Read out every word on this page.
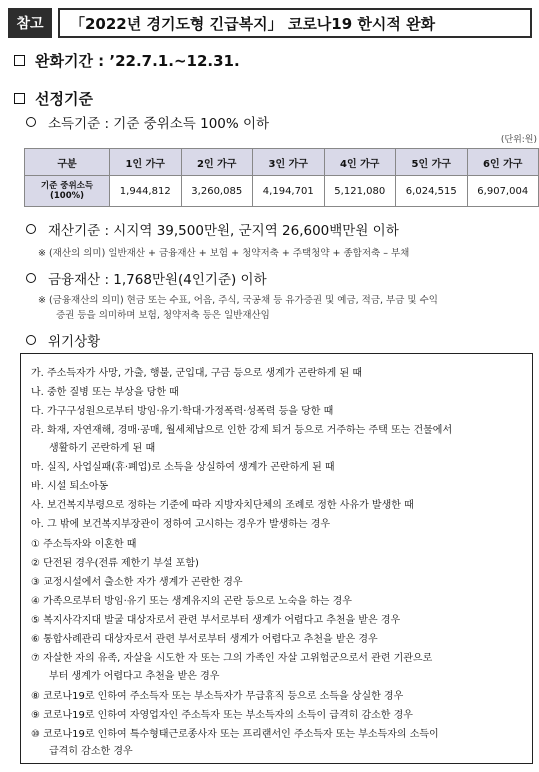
참고	「2022년 경기도형 긴급복지」 코로나19 한시적 완화
완화기간 : ’22.7.1.~12.31.
선정기준
소득기준 : 기준 중위소득 100% 이하
(단위:원)
구분	1인 가구	2인 가구	3인 가구	4인 가구	5인 가구	6인 가구

기준 중위소득
(100%)	1,944,812	3,260,085	4,194,701	5,121,080	6,024,515	6,907,004
재산기준 : 시지역 39,500만원, 군지역 26,600백만원 이하
※ (재산의 의미) 일반재산 + 금융재산 + 보험 + 청약저축 + 주택청약 + 종합저축 – 부채
금융재산 : 1,768만원(4인기준) 이하
※ (금융재산의 의미) 현금 또는 수표, 어음, 주식, 국공채 등 유가증권 및 예금, 적금, 부금 및 수익
증권 등을 의미하며 보험, 청약저축 등은 일반재산임
위기상황
가. 주소득자가 사망, 가출, 행불, 군입대, 구금 등으로 생계가 곤란하게 된 때
나. 중한 질병 또는 부상을 당한 때
다. 가구구성원으로부터 방임·유기·학대·가정폭력·성폭력 등을 당한 때
라. 화재, 자연재해, 경매·공매, 월세체납으로 인한 강제 퇴거 등으로 거주하는 주택 또는 건물에서
생활하기 곤란하게 된 때
마. 실직, 사업실패(휴·폐업)로 소득을 상실하여 생계가 곤란하게 된 때
바. 시설 퇴소아동
사. 보건복지부령으로 정하는 기준에 따라 지방자치단체의 조례로 정한 사유가 발생한 때
아. 그 밖에 보건복지부장관이 정하여 고시하는 경우가 발생하는 경우
① 주소득자와 이혼한 때
② 단전된 경우(전류 제한기 부설 포함)
③ 교정시설에서 출소한 자가 생계가 곤란한 경우
④ 가족으로부터 방임·유기 또는 생계유지의 곤란 등으로 노숙을 하는 경우
⑤ 복지사각지대 발굴 대상자로서 관련 부서로부터 생계가 어렵다고 추천을 받은 경우
⑥ 통합사례관리 대상자로서 관련 부서로부터 생계가 어렵다고 추천을 받은 경우
⑦ 자살한 자의 유족, 자살을 시도한 자 또는 그의 가족인 자살 고위험군으로서 관련 기관으로
부터 생계가 어렵다고 추천을 받은 경우
⑧ 코로나19로 인하여 주소득자 또는 부소득자가 무급휴직 등으로 소득을 상실한 경우
⑨ 코로나19로 인하여 자영업자인 주소득자 또는 부소득자의 소득이 급격히 감소한 경우
⑩ 코로나19로 인하여 특수형태근로종사자 또는 프리랜서인 주소득자 또는 부소득자의 소득이
급격히 감소한 경우
